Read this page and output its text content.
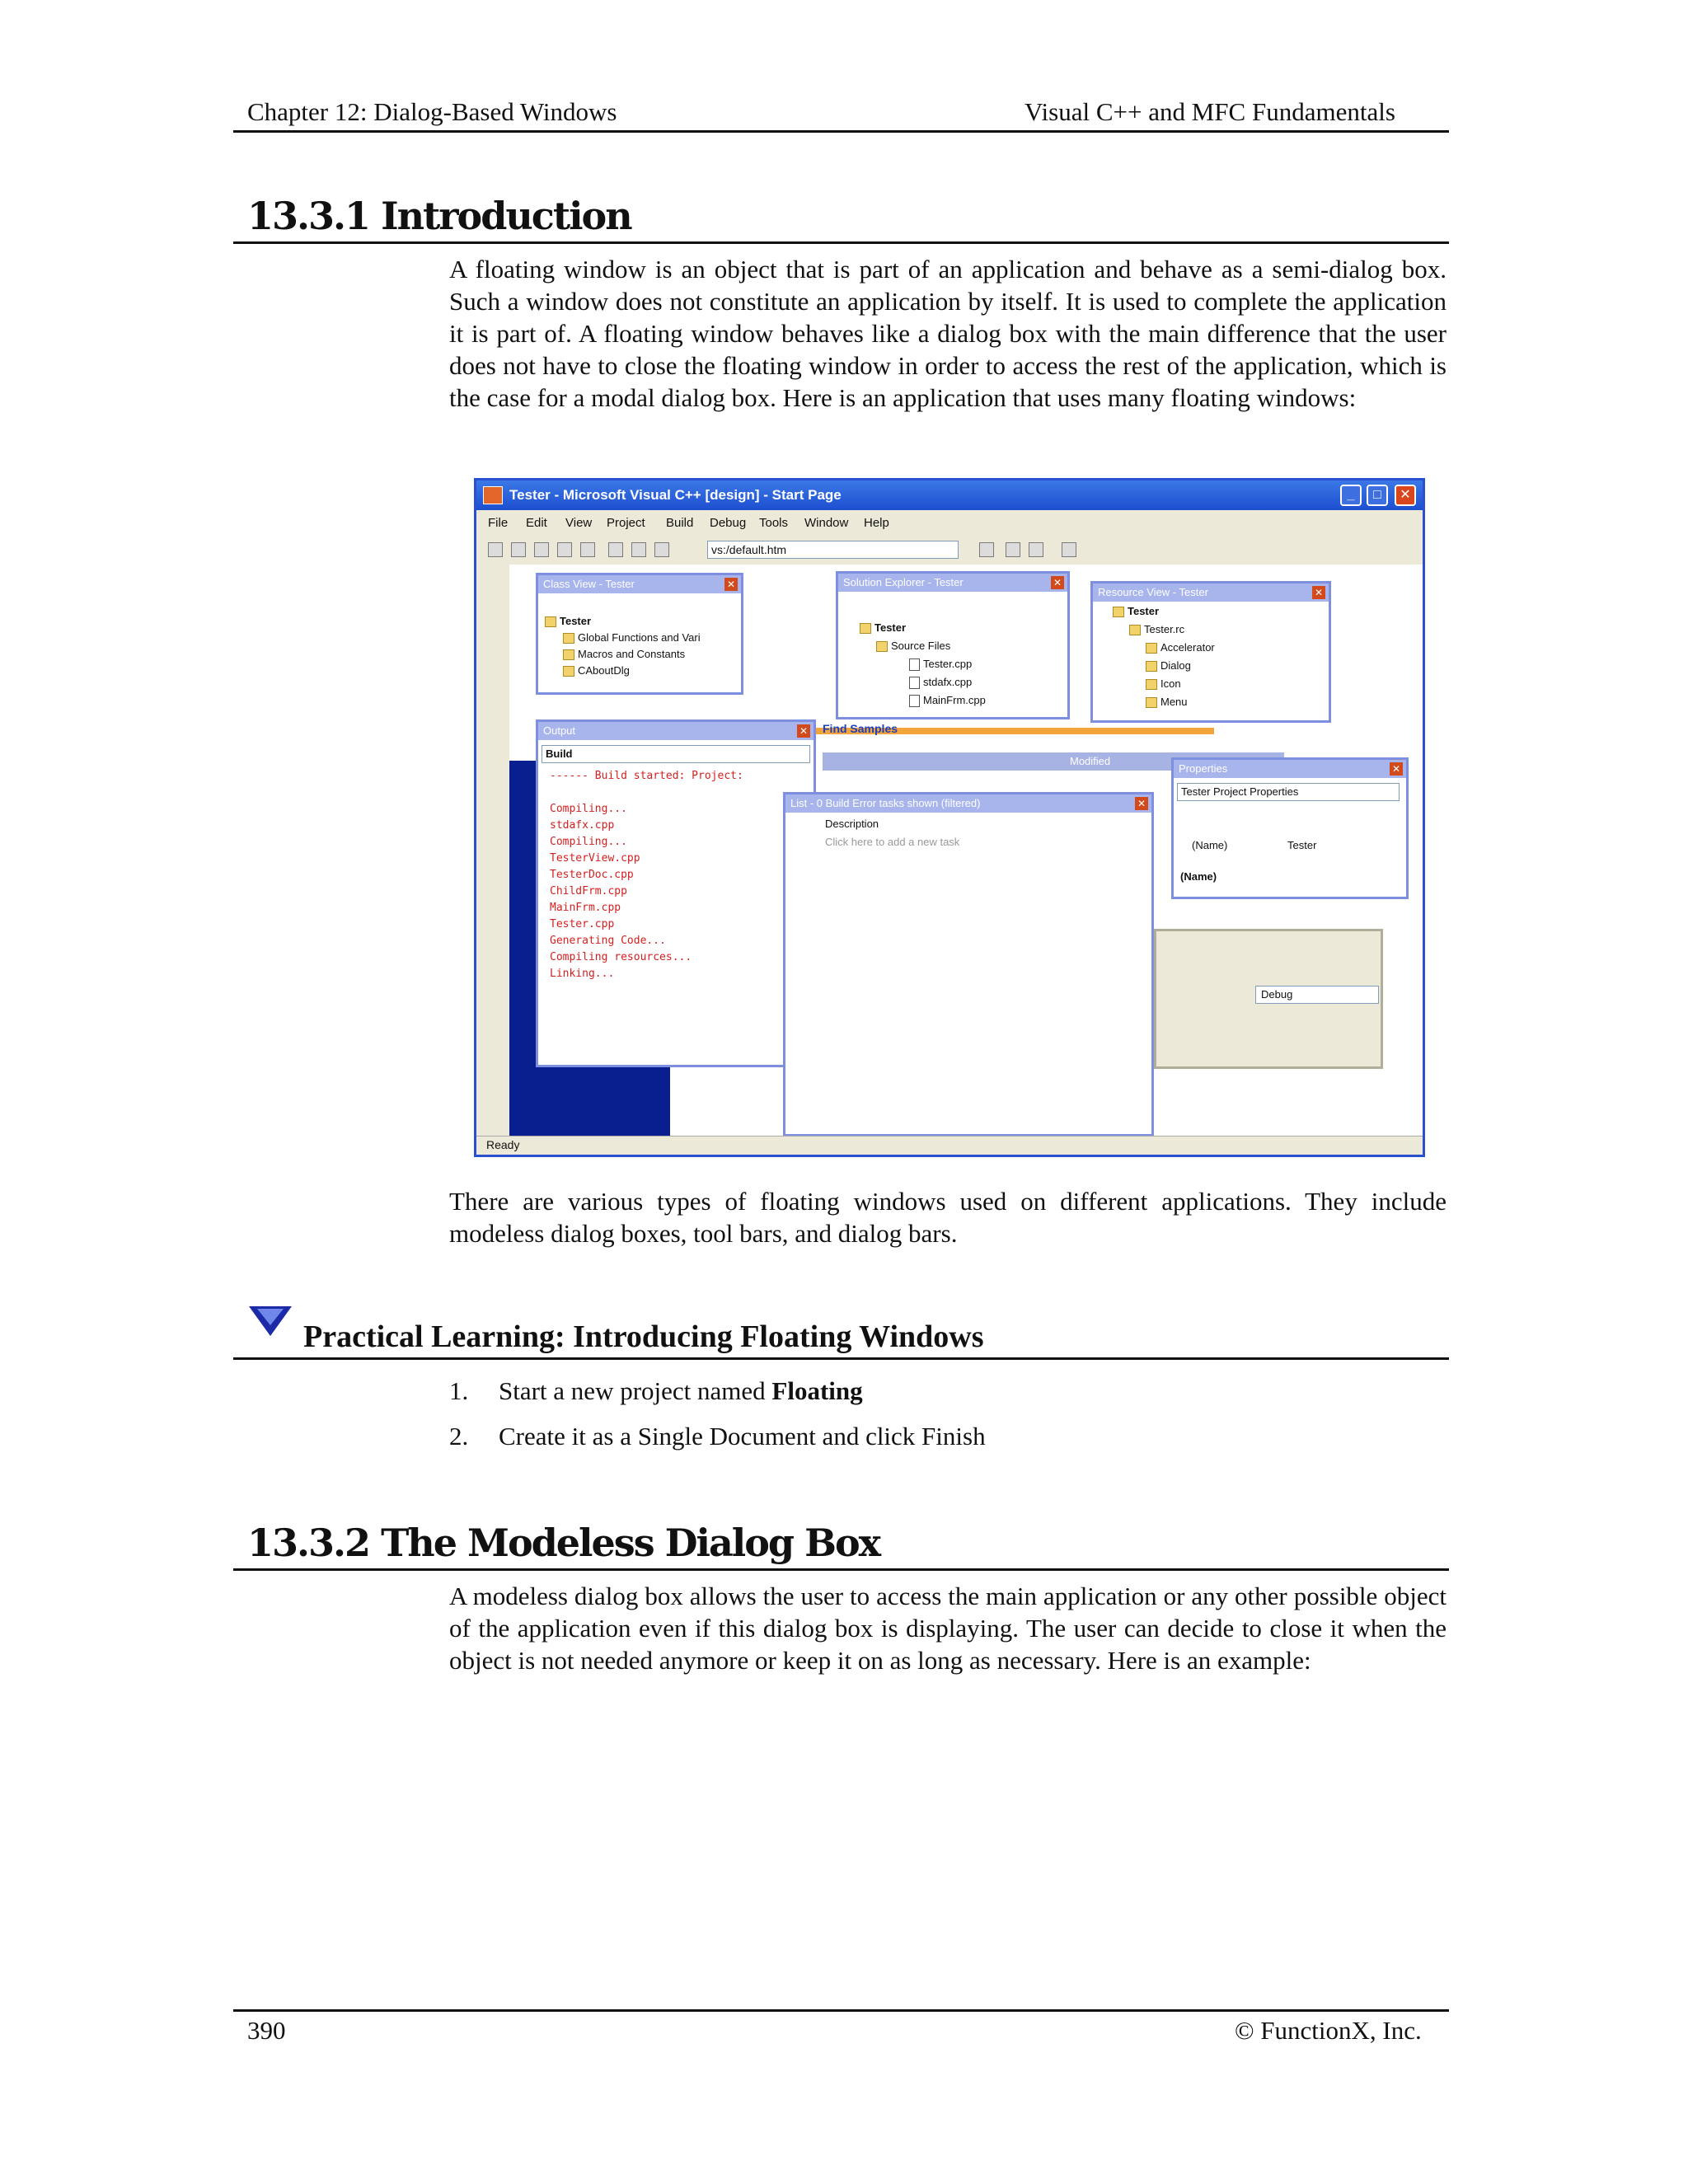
Chapter 12: Dialog-Based Windows	Visual C++ and MFC Fundamentals
13.3.1 Introduction
A floating window is an object that is part of an application and behave as a semi-dialog box. Such a window does not constitute an application by itself. It is used to complete the application it is part of. A floating window behaves like a dialog box with the main difference that the user does not have to close the floating window in order to access the rest of the application, which is the case for a modal dialog box. Here is an application that uses many floating windows:
Tester - Microsoft Visual C++ [design] - Start Page	_	□	✕
File Edit View Project Build Debug Tools Window Help
vs:/default.htm
Modified
Class View - Tester	✕
Tester
Global Functions and Vari
Macros and Constants
CAboutDlg
Solution Explorer - Tester	✕
Tester
Source Files
Tester.cpp
stdafx.cpp
MainFrm.cpp
Resource View - Tester	✕
Tester
Tester.rc
Accelerator
Dialog
Icon
Menu
Find Samples
Output	✕
Build
------ Build started: Project:
Compiling...
stdafx.cpp
Compiling...
TesterView.cpp
TesterDoc.cpp
ChildFrm.cpp
MainFrm.cpp
Tester.cpp
Generating Code...
Compiling resources...
Linking...
List - 0 Build Error tasks shown (filtered)	✕
Description
Click here to add a new task
Properties	✕
Tester Project Properties
(Name)	Tester
(Name)
Debug
Ready
There are various types of floating windows used on different applications. They include modeless dialog boxes, tool bars, and dialog bars.
Practical Learning: Introducing Floating Windows
1. Start a new project named Floating
2. Create it as a Single Document and click Finish
13.3.2 The Modeless Dialog Box
A modeless dialog box allows the user to access the main application or any other possible object of the application even if this dialog box is displaying. The user can decide to close it when the object is not needed anymore or keep it on as long as necessary. Here is an example:
390	© FunctionX, Inc.
